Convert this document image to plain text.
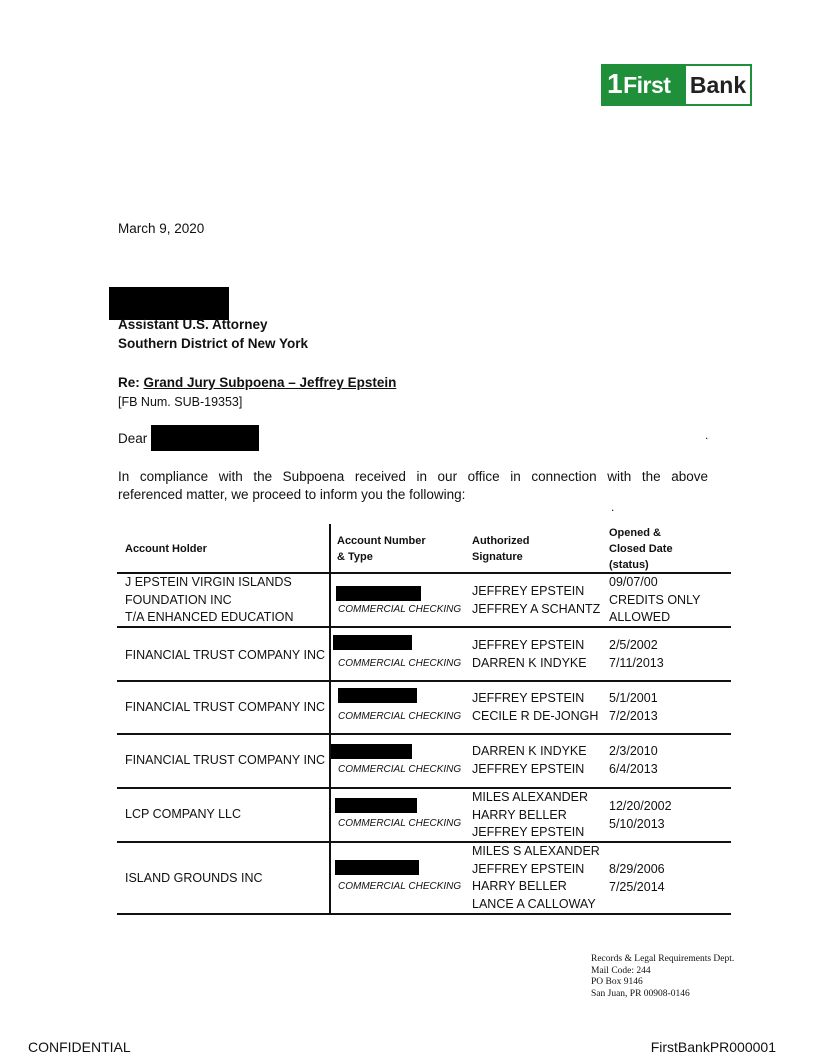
1 First Bank
March 9, 2020
Assistant U.S. Attorney
Southern District of New York
Re: Grand Jury Subpoena – Jeffrey Epstein
[FB Num. SUB-19353]
Dear	.
In compliance with the Subpoena received in our office in connection with the above
referenced matter, we proceed to inform you the following:
.
Account Holder
Account Number
& Type
Authorized
Signature
Opened &
Closed Date
(status)
J EPSTEIN VIRGIN ISLANDS
FOUNDATION INC
T/A ENHANCED EDUCATION
COMMERCIAL CHECKING
JEFFREY EPSTEIN
JEFFREY A SCHANTZ
09/07/00
CREDITS ONLY
ALLOWED
FINANCIAL TRUST COMPANY INC
COMMERCIAL CHECKING
JEFFREY EPSTEIN
DARREN K INDYKE
2/5/2002
7/11/2013
FINANCIAL TRUST COMPANY INC
COMMERCIAL CHECKING
JEFFREY EPSTEIN
CECILE R DE-JONGH
5/1/2001
7/2/2013
FINANCIAL TRUST COMPANY INC
COMMERCIAL CHECKING
DARREN K INDYKE
JEFFREY EPSTEIN
2/3/2010
6/4/2013
LCP COMPANY LLC
COMMERCIAL CHECKING
MILES ALEXANDER
HARRY BELLER
JEFFREY EPSTEIN
12/20/2002
5/10/2013
ISLAND GROUNDS INC
COMMERCIAL CHECKING
MILES S ALEXANDER
JEFFREY EPSTEIN
HARRY BELLER
LANCE A CALLOWAY
8/29/2006
7/25/2014
Records & Legal Requirements Dept.
Mail Code: 244
PO Box 9146
San Juan, PR 00908-0146
CONFIDENTIAL	FirstBankPR000001
